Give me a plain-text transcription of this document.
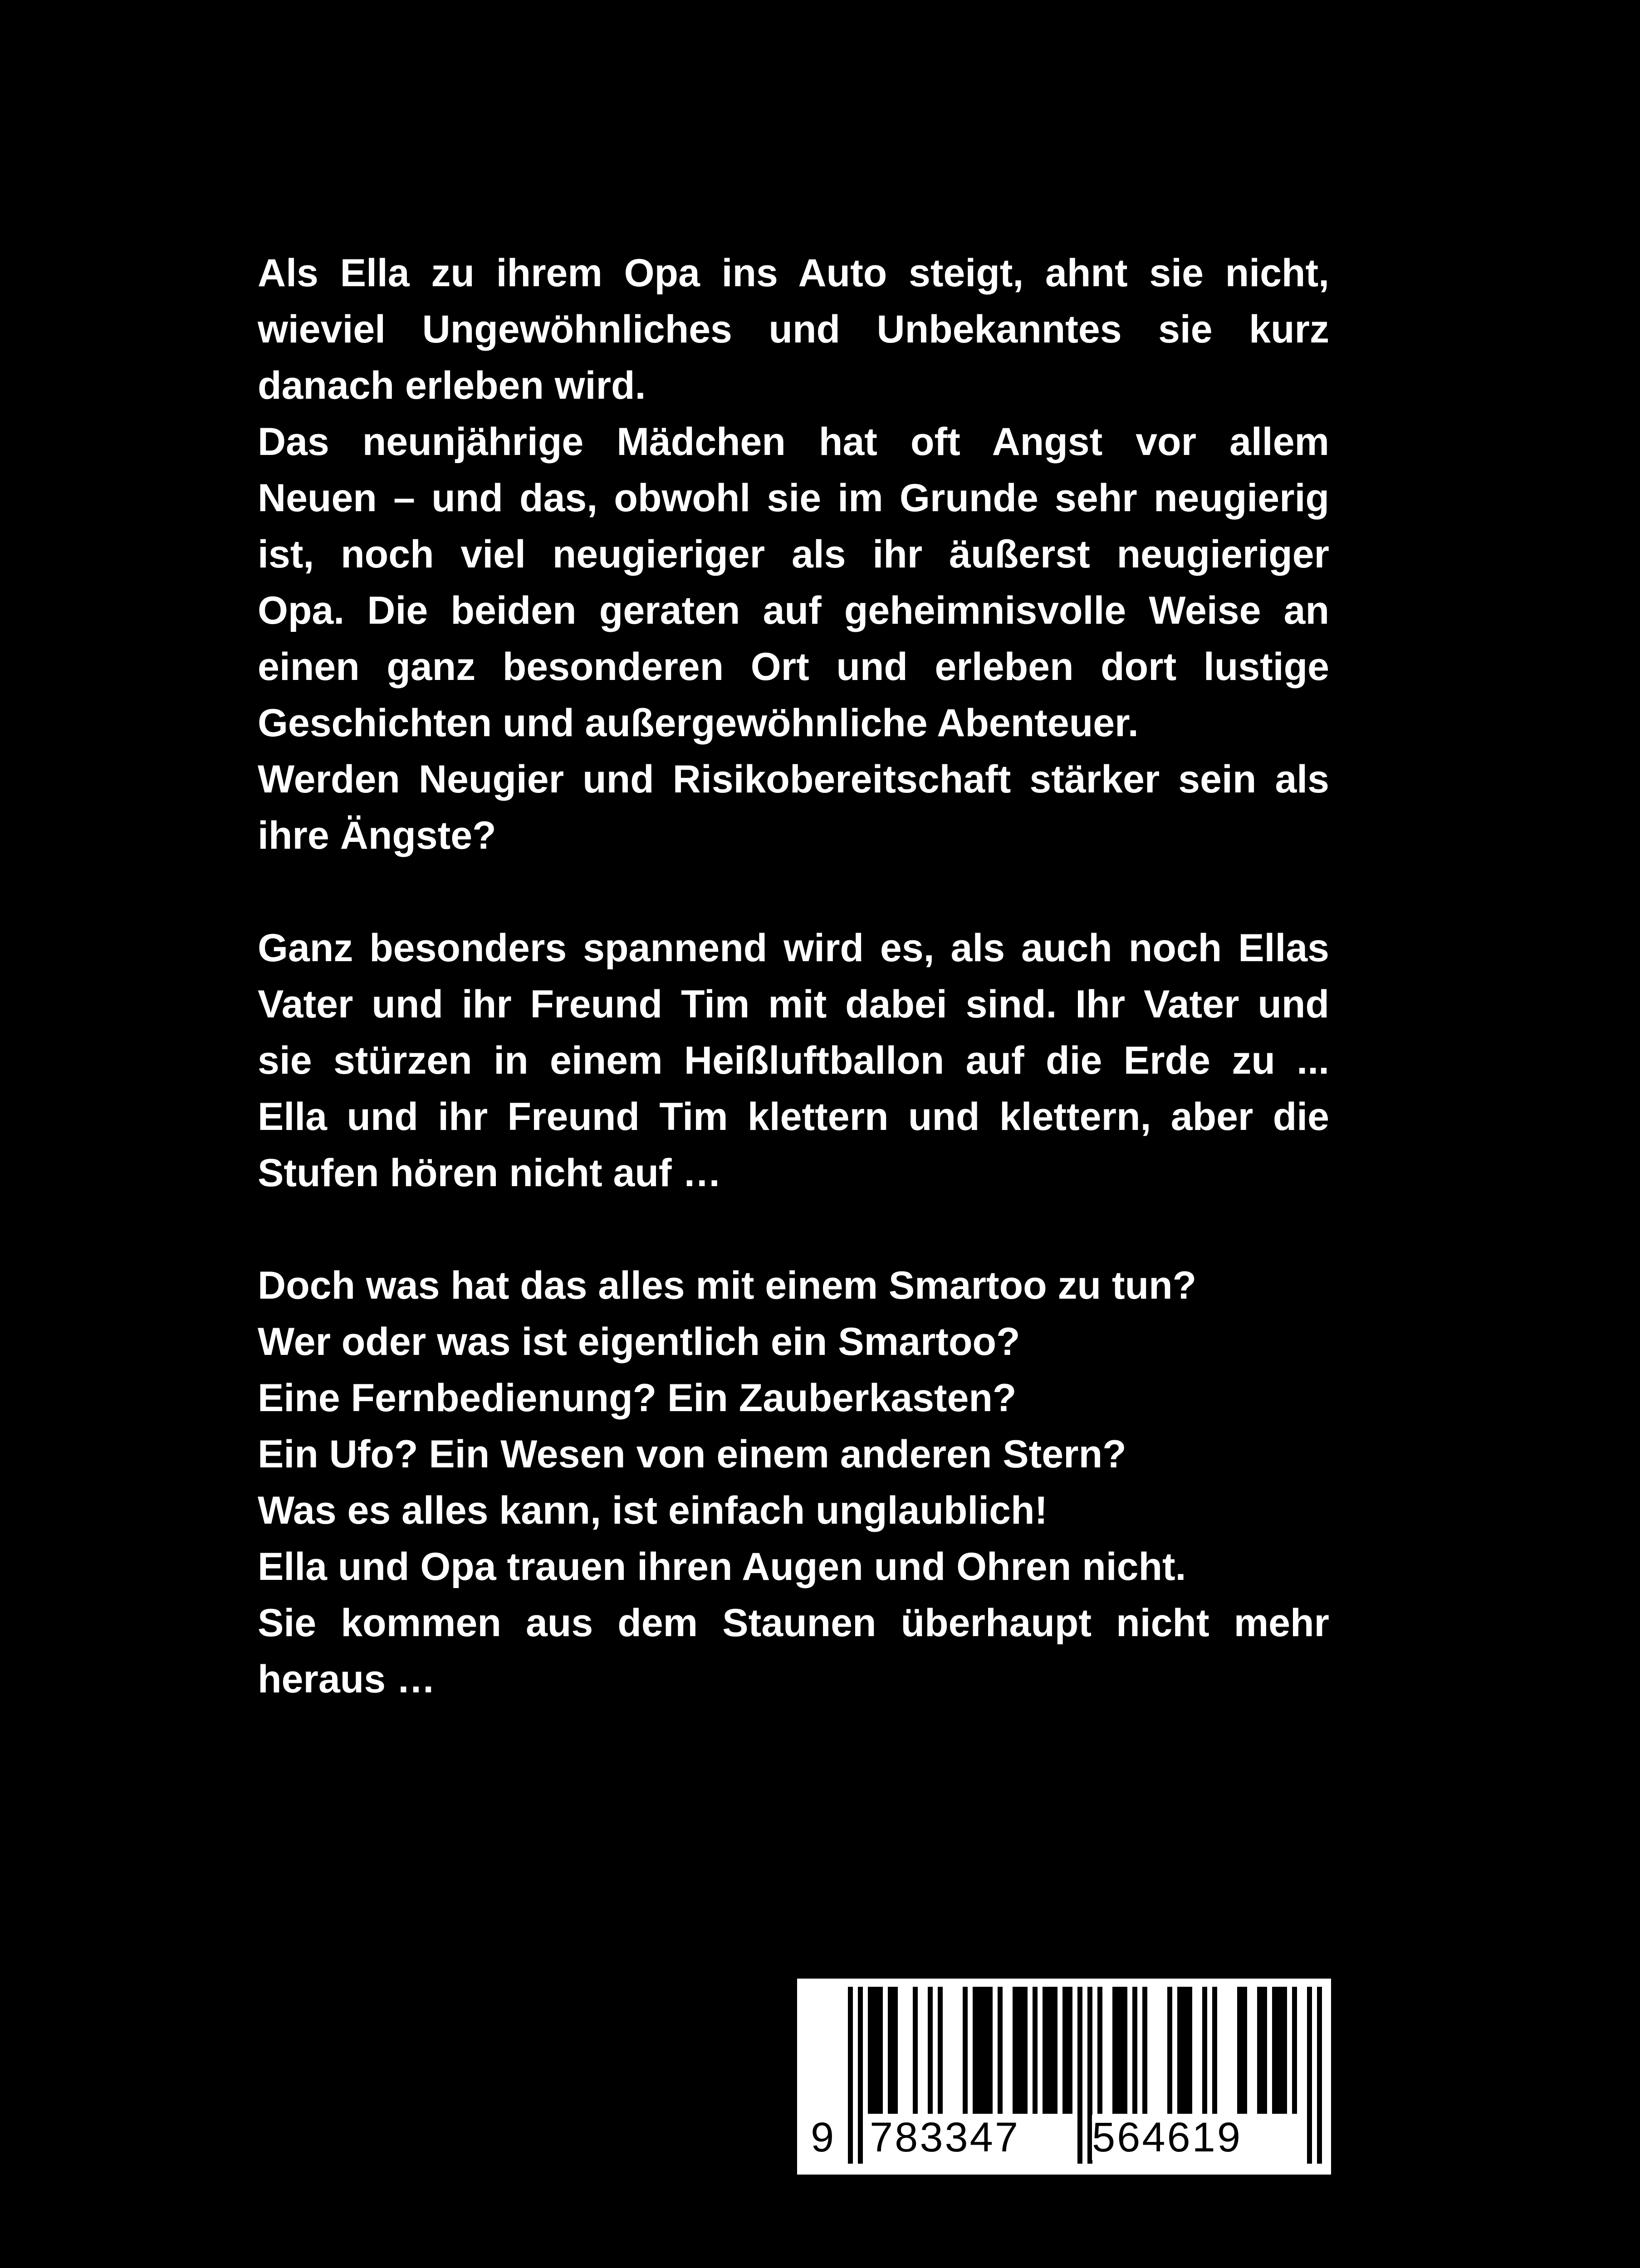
Als Ella zu ihrem Opa ins Auto steigt, ahnt sie nicht,
wieviel Ungewöhnliches und Unbekanntes sie kurz
danach erleben wird.
Das neunjährige Mädchen hat oft Angst vor allem
Neuen – und das, obwohl sie im Grunde sehr neugierig
ist, noch viel neugieriger als ihr äußerst neugieriger
Opa. Die beiden geraten auf geheimnisvolle Weise an
einen ganz besonderen Ort und erleben dort lustige
Geschichten und außergewöhnliche Abenteuer.
Werden Neugier und Risikobereitschaft stärker sein als
ihre Ängste?
Ganz besonders spannend wird es, als auch noch Ellas
Vater und ihr Freund Tim mit dabei sind. Ihr Vater und
sie stürzen in einem Heißluftballon auf die Erde zu ...
Ella und ihr Freund Tim klettern und klettern, aber die
Stufen hören nicht auf …
Doch was hat das alles mit einem Smartoo zu tun?
Wer oder was ist eigentlich ein Smartoo?
Eine Fernbedienung? Ein Zauberkasten?
Ein Ufo? Ein Wesen von einem anderen Stern?
Was es alles kann, ist einfach unglaublich!
Ella und Opa trauen ihren Augen und Ohren nicht.
Sie kommen aus dem Staunen überhaupt nicht mehr
heraus …
9 783347 564619
